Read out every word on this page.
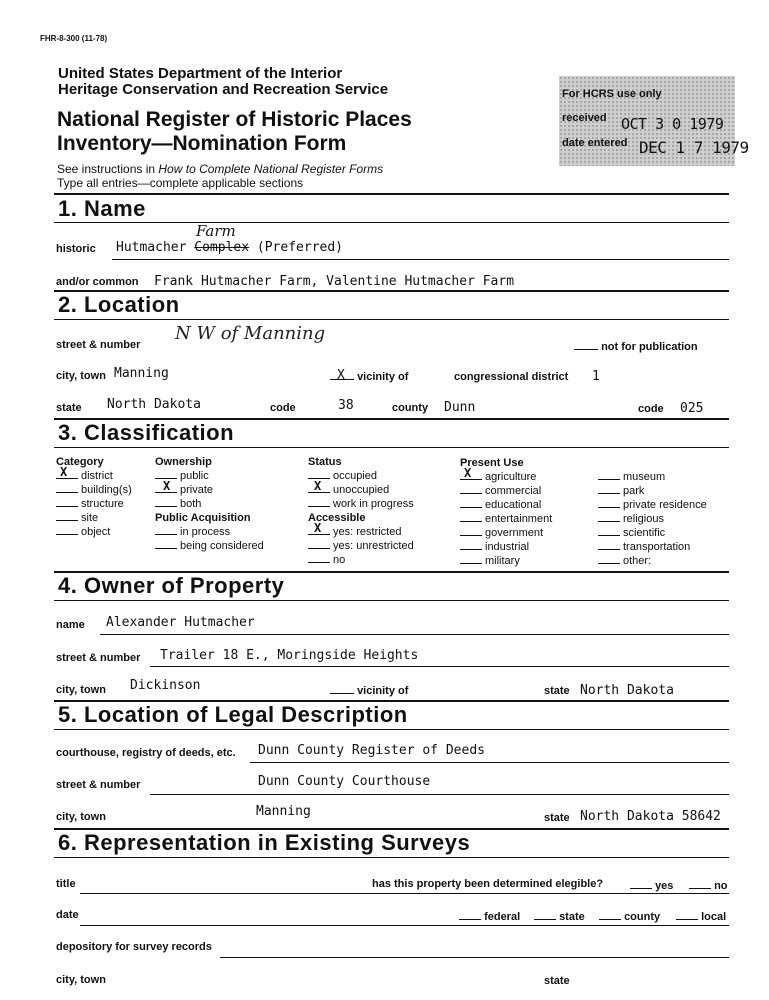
FHR-8-300 (11-78)
United States Department of the Interior
Heritage Conservation and Recreation Service
National Register of Historic Places
Inventory—Nomination Form
See instructions in How to Complete National Register Forms
Type all entries—complete applicable sections
For HCRS use only
received OCT 3 0 1979
date entered DEC 1 7 1979
1. Name
Farm
historic Hutmacher Complex (Preferred)
and/or common Frank Hutmacher Farm, Valentine Hutmacher Farm
2. Location
street & number
N W of Manning
not for publication
city, town Manning	X	vicinity of	congressional district 1
state North Dakota	code	38	county Dunn	code 025
3. Classification
Category
X district
building(s)
structure
site
object
Ownership
public
X private
both
Public Acquisition
in process
being considered
Status
occupied
X unoccupied
work in progress
Accessible
X yes: restricted
yes: unrestricted
no
Present Use
X agriculture
commercial
educational
entertainment
government
industrial
military
museum
park
private residence
religious
scientific
transportation
other:
4. Owner of Property
name Alexander Hutmacher
street & number Trailer 18 E., Moringside Heights
city, town Dickinson	vicinity of	state North Dakota
5. Location of Legal Description
courthouse, registry of deeds, etc. Dunn County Register of Deeds
street & number	Dunn County Courthouse
city, town	Manning	state North Dakota 58642
6. Representation in Existing Surveys
title	has this property been determined elegible?	yes	no
date	federal	state	county	local
depository for survey records
city, town	state
